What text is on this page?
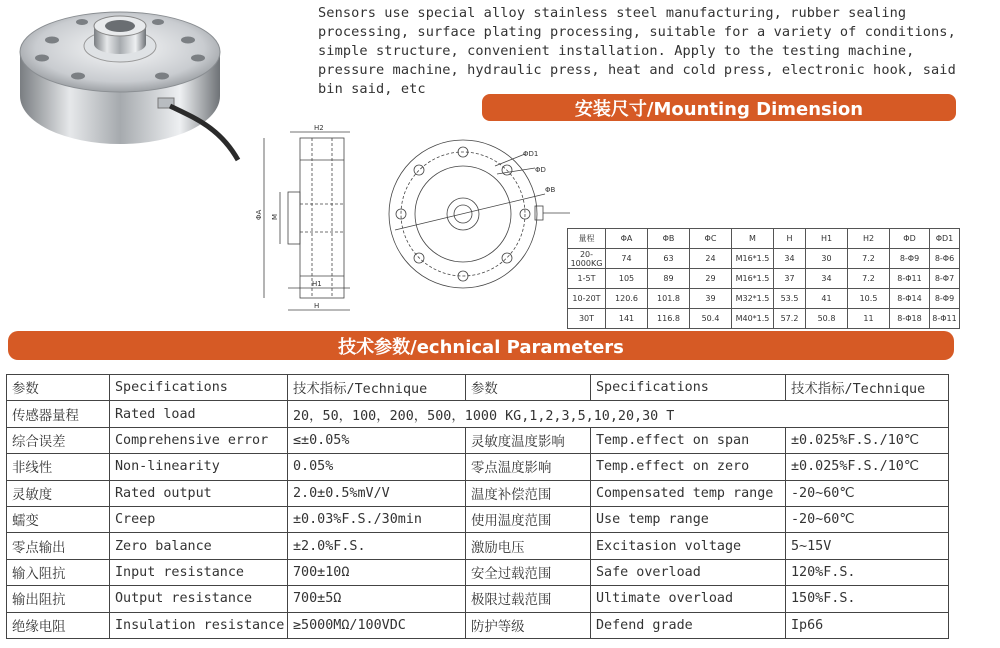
Sensors use special alloy stainless steel manufacturing, rubber sealing
processing, surface plating processing, suitable for a variety of conditions,
simple structure, convenient installation. Apply to the testing machine,
pressure machine, hydraulic press, heat and cold press, electronic hook, said
bin said, etc
安装尺寸/Mounting Dimension
H2
H1
H
ΦA M
ΦD1
ΦD
ΦB
量程	ΦA	ΦB	ΦC	M	H	H1	H2	ΦD	ΦD1
20-1000KG	74	63	24	M16*1.5	34	30	7.2	8-Φ9	8-Φ6
1-5T	105	89	29	M16*1.5	37	34	7.2	8-Φ11	8-Φ7
10-20T	120.6	101.8	39	M32*1.5	53.5	41	10.5	8-Φ14	8-Φ9
30T	141	116.8	50.4	M40*1.5	57.2	50.8	11	8-Φ18	8-Φ11
技术参数/echnical Parameters
参数	Specifications	技术指标/Technique	参数	Specifications	技术指标/Technique
传感器量程	Rated load	20，50，100，200，500，1000 KG,1,2,3,5,10,20,30 T			
综合误差	Comprehensive error	≤±0.05%	灵敏度温度影响	Temp.effect on span	±0.025%F.S./10℃
非线性	Non-linearity	0.05%	零点温度影响	Temp.effect on zero	±0.025%F.S./10℃
灵敏度	Rated output	2.0±0.5%mV/V	温度补偿范围	Compensated temp range	-20~60℃
蠕变	Creep	±0.03%F.S./30min	使用温度范围	Use temp range	-20~60℃
零点输出	Zero balance	±2.0%F.S.	激励电压	Excitasion voltage	5~15V
输入阻抗	Input resistance	700±10Ω	安全过载范围	Safe overload	120%F.S.
输出阻抗	Output resistance	700±5Ω	极限过载范围	Ultimate overload	150%F.S.
绝缘电阻	Insulation resistance	≥5000MΩ/100VDC	防护等级	Defend grade	Ip66
